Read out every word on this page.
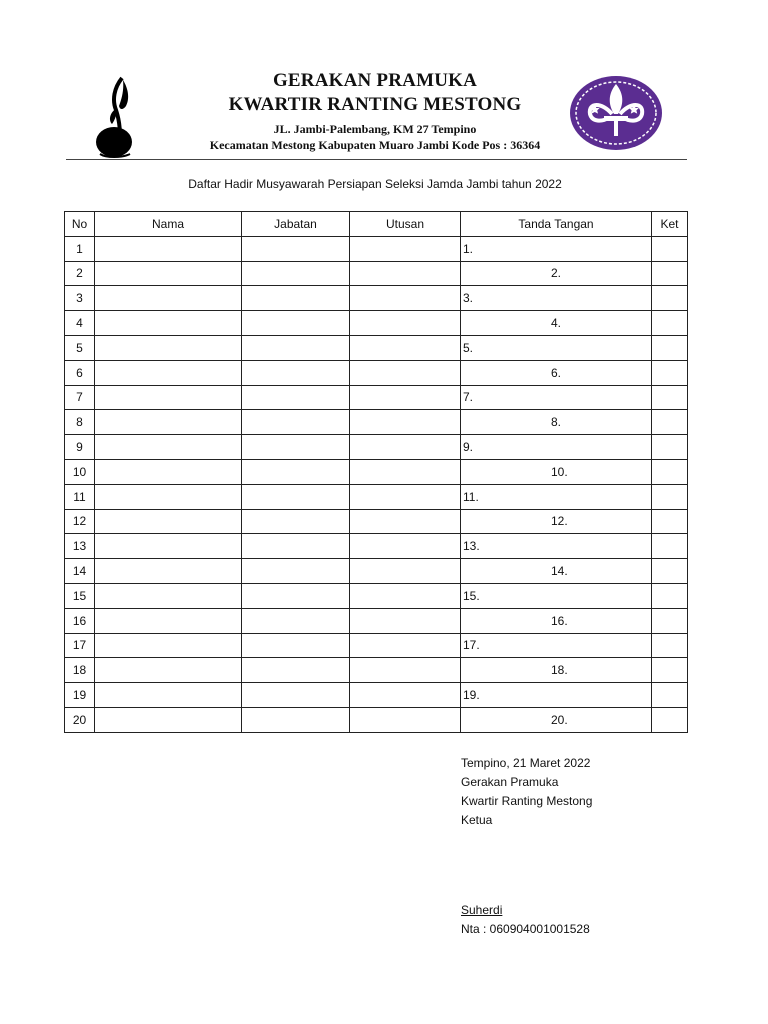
GERAKAN PRAMUKA
KWARTIR RANTING MESTONG
JL. Jambi-Palembang, KM 27 Tempino
Kecamatan Mestong Kabupaten Muaro Jambi Kode Pos : 36364
Daftar Hadir Musyawarah Persiapan Seleksi Jamda Jambi tahun 2022
No	Nama	Jabatan	Utusan	Tanda Tangan	Ket
1				1.	

2				2.	

3				3.	

4				4.	

5				5.	

6				6.	

7				7.	

8				8.	

9				9.	

10				10.	

11				11.	

12				12.	

13				13.	

14				14.	

15				15.	

16				16.	

17				17.	

18				18.	

19				19.	

20				20.	

Tempino, 21 Maret 2022
Gerakan Pramuka
Kwartir Ranting Mestong
Ketua
Suherdi
Nta : 060904001001528
